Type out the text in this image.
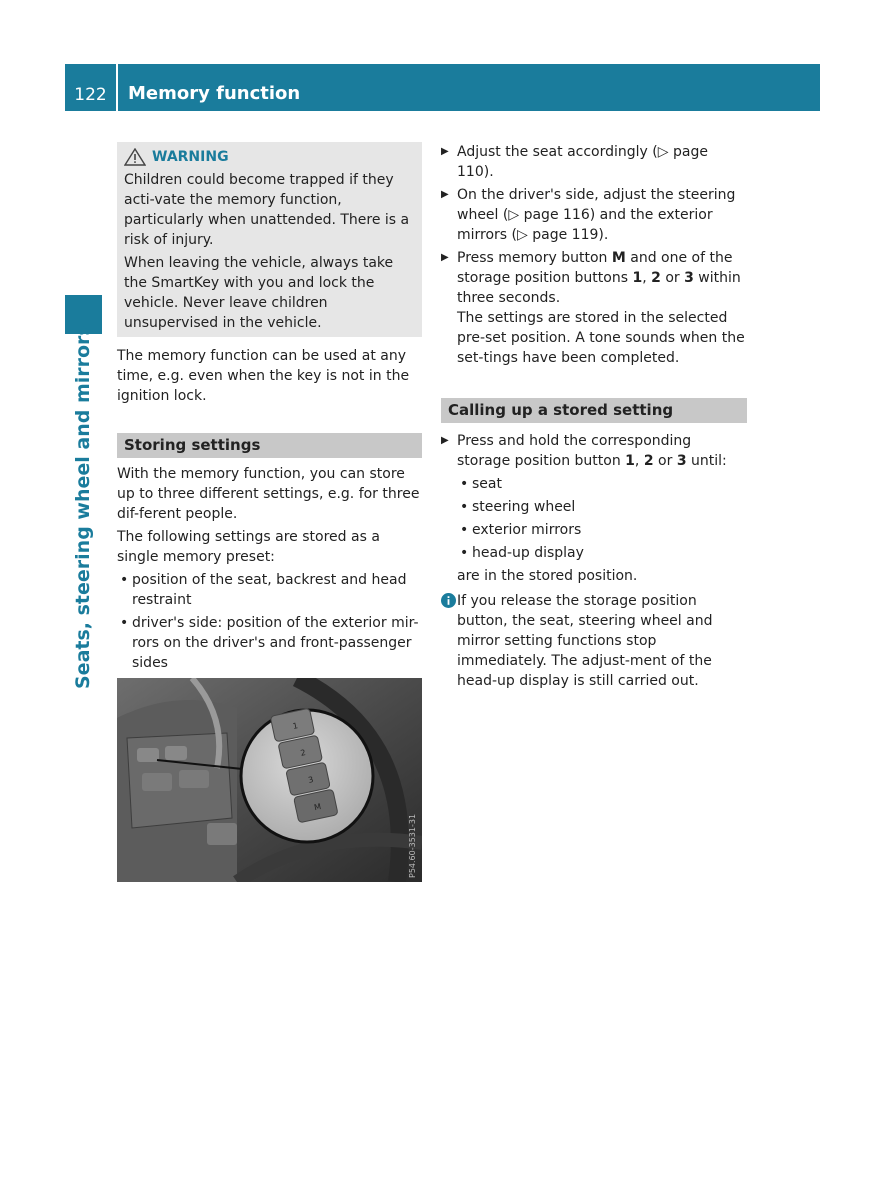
122	Memory function
Seats, steering wheel and mirrors
WARNING

Children could become trapped if they acti-vate the memory function, particularly when unattended. There is a risk of injury.

When leaving the vehicle, always take the SmartKey with you and lock the vehicle. Never leave children unsupervised in the vehicle.

The memory function can be used at any time, e.g. even when the key is not in the ignition lock.

Storing settings

With the memory function, you can store up to three different settings, e.g. for three dif-ferent people.

The following settings are stored as a single memory preset:

• position of the seat, backrest and head restraint
• driver's side: position of the exterior mir-rors on the driver's and front-passenger sides
1
2
3
M
P54.60-3531-31
▶ Adjust the seat accordingly (▷ page 110).
▶ On the driver's side, adjust the steering wheel (▷ page 116) and the exterior mirrors (▷ page 119).
▶ Press memory button M and one of the storage position buttons 1, 2 or 3 within three seconds.

The settings are stored in the selected pre-set position. A tone sounds when the set-tings have been completed.

Calling up a stored setting

▶ Press and hold the corresponding storage position button 1, 2 or 3 until:
• seat
• steering wheel
• exterior mirrors
• head-up display

are in the stored position.

If you release the storage position button, the seat, steering wheel and mirror setting functions stop immediately. The adjust-ment of the head-up display is still carried out.
